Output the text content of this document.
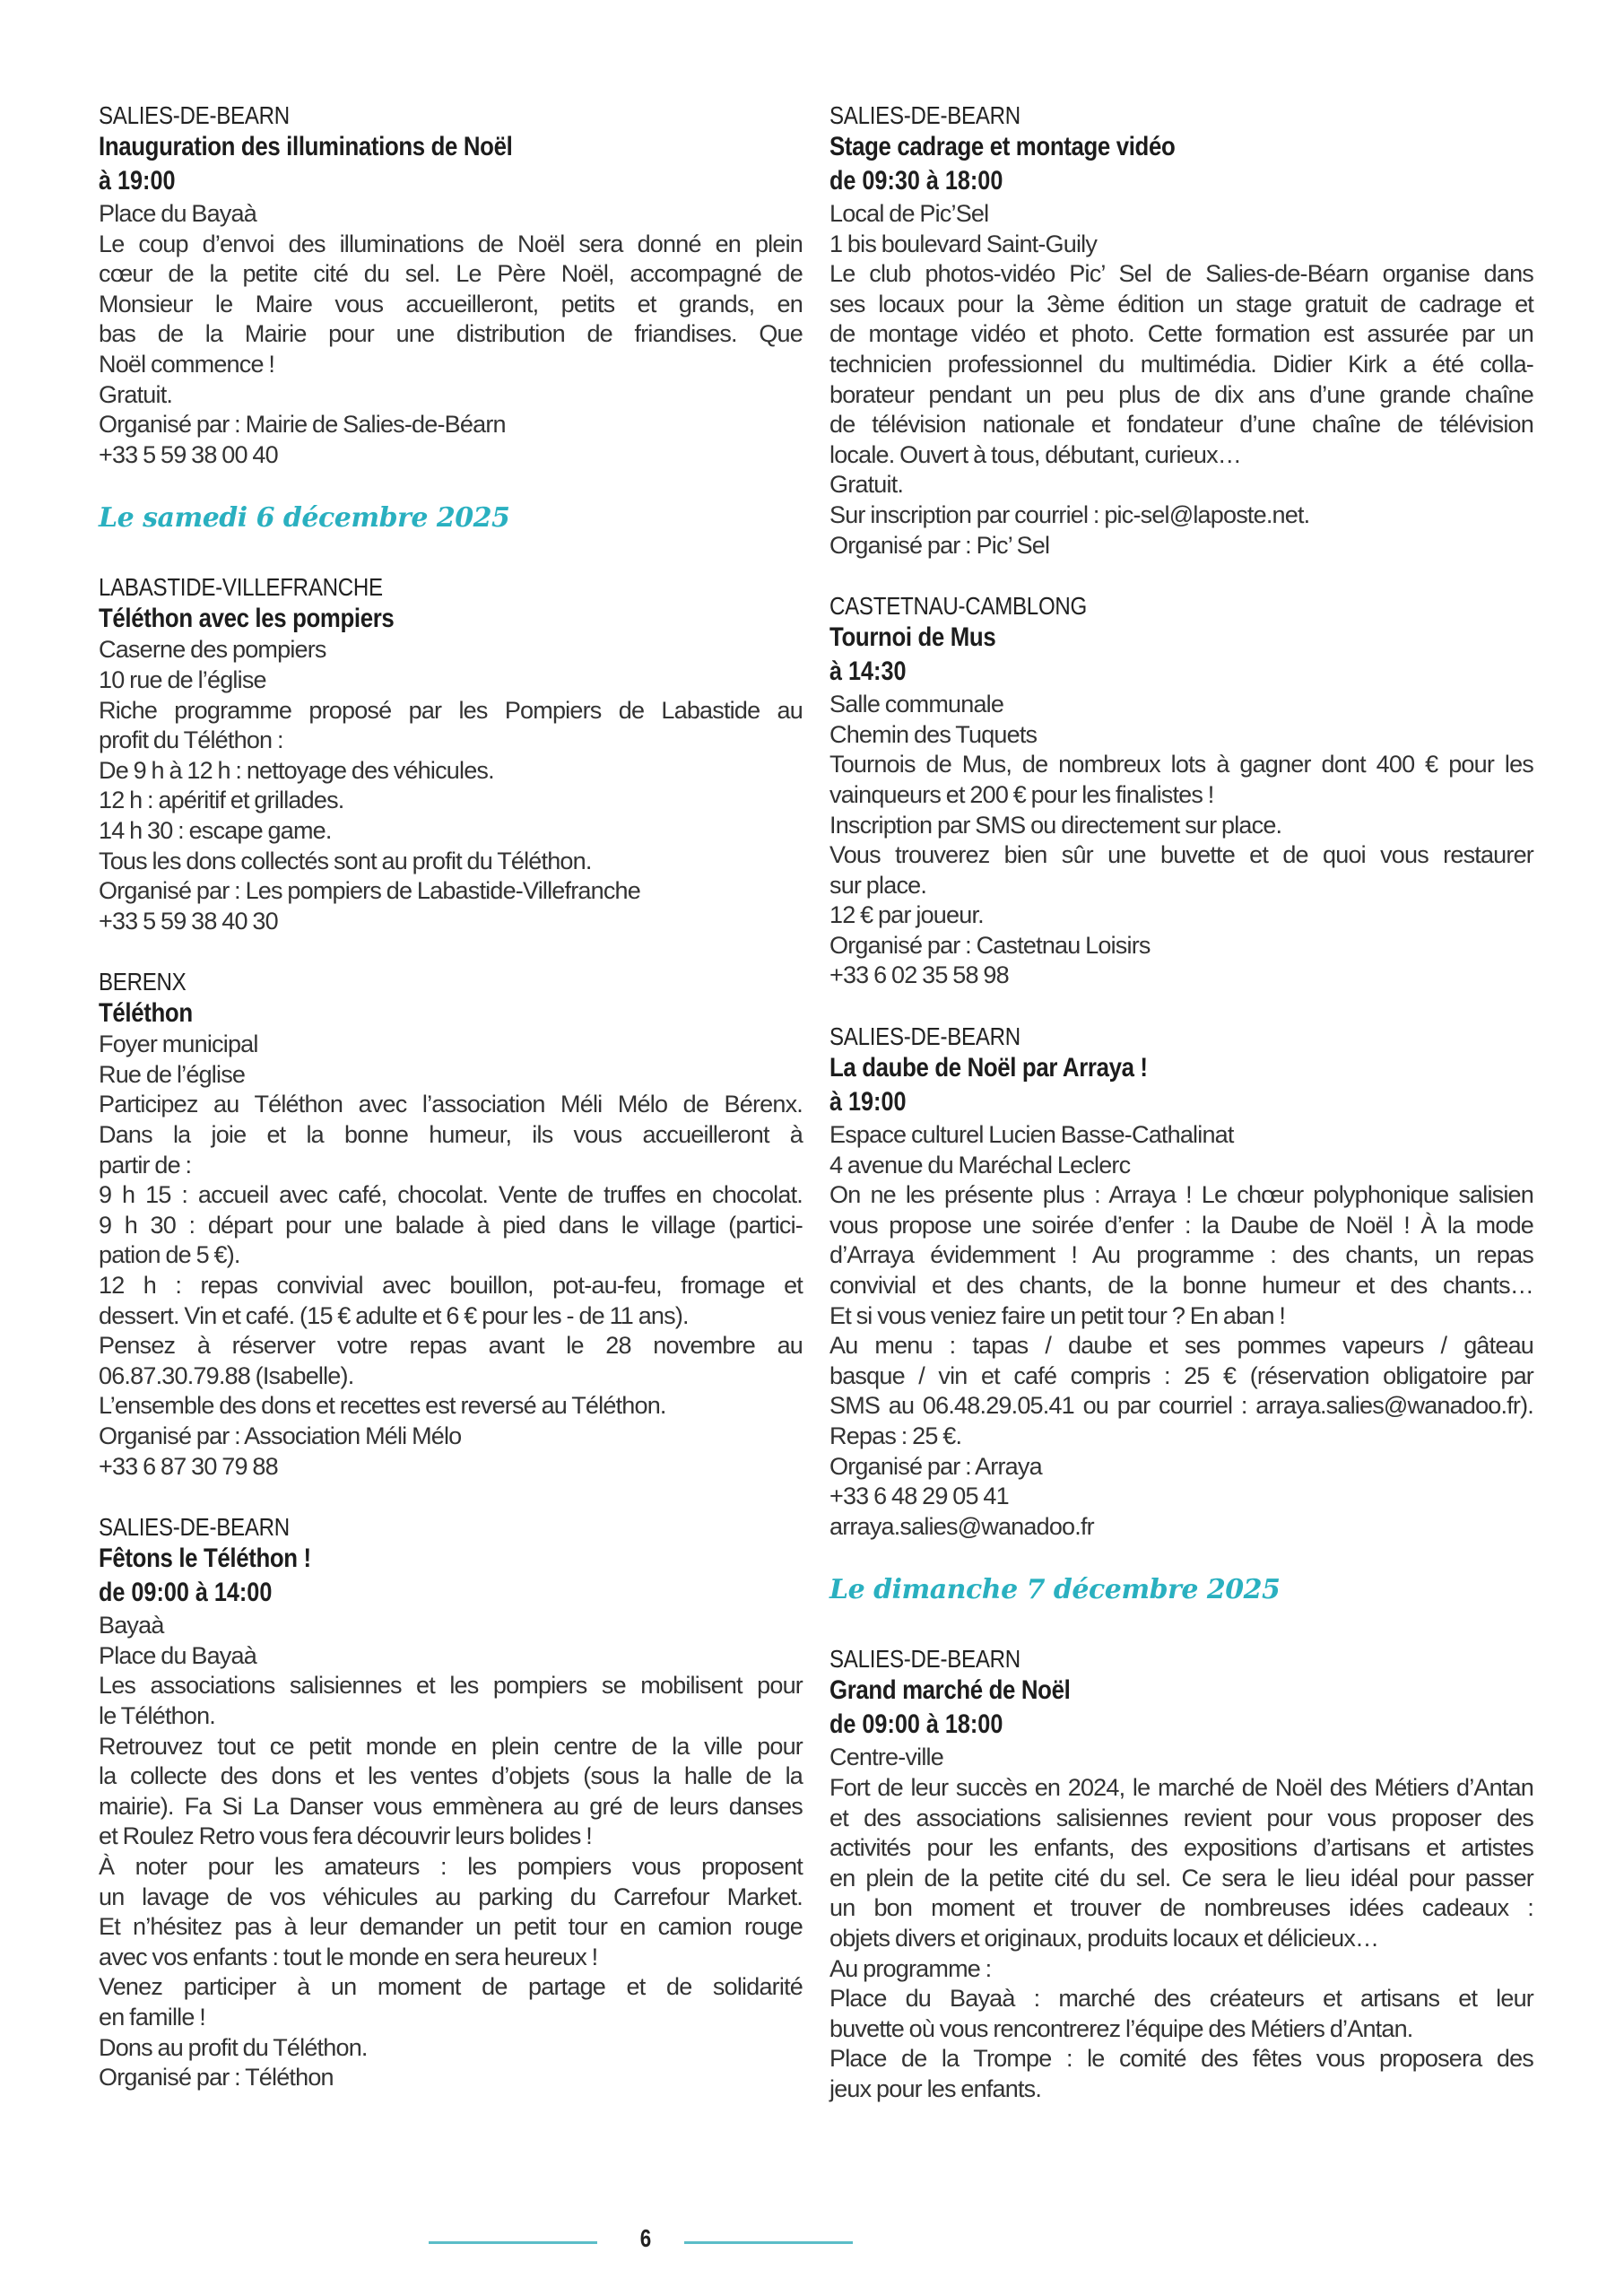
SALIES-DE-BEARN
Inauguration des illuminations de Noël
à 19:00
Place du Bayaà
Le coup d’envoi des illuminations de Noël sera donné en plein
cœur de la petite cité du sel. Le Père Noël, accompagné de
Monsieur le Maire vous accueilleront, petits et grands, en
bas de la Mairie pour une distribution de friandises. Que
Noël commence !
Gratuit.
Organisé par : Mairie de Salies-de-Béarn
+33 5 59 38 00 40
Le samedi 6 décembre 2025
LABASTIDE-VILLEFRANCHE
Téléthon avec les pompiers
Caserne des pompiers
10 rue de l’église
Riche programme proposé par les Pompiers de Labastide au
profit du Téléthon :
De 9 h à 12 h : nettoyage des véhicules.
12 h : apéritif et grillades.
14 h 30 : escape game.
Tous les dons collectés sont au profit du Téléthon.
Organisé par : Les pompiers de Labastide-Villefranche
+33 5 59 38 40 30
BERENX
Téléthon
Foyer municipal
Rue de l’église
Participez au Téléthon avec l’association Méli Mélo de Bérenx.
Dans la joie et la bonne humeur, ils vous accueilleront à
partir de :
9 h 15 : accueil avec café, chocolat. Vente de truffes en chocolat.
9 h 30 : départ pour une balade à pied dans le village (partici-
pation de 5 €).
12 h : repas convivial avec bouillon, pot-au-feu, fromage et
dessert. Vin et café. (15 € adulte et 6 € pour les - de 11 ans).
Pensez à réserver votre repas avant le 28 novembre au
06.87.30.79.88 (Isabelle).
L’ensemble des dons et recettes est reversé au Téléthon.
Organisé par : Association Méli Mélo
+33 6 87 30 79 88
SALIES-DE-BEARN
Fêtons le Téléthon !
de 09:00 à 14:00
Bayaà
Place du Bayaà
Les associations salisiennes et les pompiers se mobilisent pour
le Téléthon.
Retrouvez tout ce petit monde en plein centre de la ville pour
la collecte des dons et les ventes d’objets (sous la halle de la
mairie). Fa Si La Danser vous emmènera au gré de leurs danses
et Roulez Retro vous fera découvrir leurs bolides !
À noter pour les amateurs : les pompiers vous proposent
un lavage de vos véhicules au parking du Carrefour Market.
Et n’hésitez pas à leur demander un petit tour en camion rouge
avec vos enfants : tout le monde en sera heureux !
Venez participer à un moment de partage et de solidarité
en famille !
Dons au profit du Téléthon.
Organisé par : Téléthon
SALIES-DE-BEARN
Stage cadrage et montage vidéo
de 09:30 à 18:00
Local de Pic’Sel
1 bis boulevard Saint-Guily
Le club photos-vidéo Pic’ Sel de Salies-de-Béarn organise dans
ses locaux pour la 3ème édition un stage gratuit de cadrage et
de montage vidéo et photo. Cette formation est assurée par un
technicien professionnel du multimédia. Didier Kirk a été colla-
borateur pendant un peu plus de dix ans d’une grande chaîne
de télévision nationale et fondateur d’une chaîne de télévision
locale. Ouvert à tous, débutant, curieux…
Gratuit.
Sur inscription par courriel : pic-sel@laposte.net.
Organisé par : Pic’ Sel
CASTETNAU-CAMBLONG
Tournoi de Mus
à 14:30
Salle communale
Chemin des Tuquets
Tournois de Mus, de nombreux lots à gagner dont 400 € pour les
vainqueurs et 200 € pour les finalistes !
Inscription par SMS ou directement sur place.
Vous trouverez bien sûr une buvette et de quoi vous restaurer
sur place.
12 € par joueur.
Organisé par : Castetnau Loisirs
+33 6 02 35 58 98
SALIES-DE-BEARN
La daube de Noël par Arraya !
à 19:00
Espace culturel Lucien Basse-Cathalinat
4 avenue du Maréchal Leclerc
On ne les présente plus : Arraya ! Le chœur polyphonique salisien
vous propose une soirée d’enfer : la Daube de Noël ! À la mode
d’Arraya évidemment ! Au programme : des chants, un repas
convivial et des chants, de la bonne humeur et des chants…
Et si vous veniez faire un petit tour ? En aban !
Au menu : tapas / daube et ses pommes vapeurs / gâteau
basque / vin et café compris : 25 € (réservation obligatoire par
SMS au 06.48.29.05.41 ou par courriel : arraya.salies@wanadoo.fr).
Repas : 25 €.
Organisé par : Arraya
+33 6 48 29 05 41
arraya.salies@wanadoo.fr
Le dimanche 7 décembre 2025
SALIES-DE-BEARN
Grand marché de Noël
de 09:00 à 18:00
Centre-ville
Fort de leur succès en 2024, le marché de Noël des Métiers d’Antan
et des associations salisiennes revient pour vous proposer des
activités pour les enfants, des expositions d’artisans et artistes
en plein de la petite cité du sel. Ce sera le lieu idéal pour passer
un bon moment et trouver de nombreuses idées cadeaux :
objets divers et originaux, produits locaux et délicieux…
Au programme :
Place du Bayaà : marché des créateurs et artisans et leur
buvette où vous rencontrerez l’équipe des Métiers d’Antan.
Place de la Trompe : le comité des fêtes vous proposera des
jeux pour les enfants.
6
